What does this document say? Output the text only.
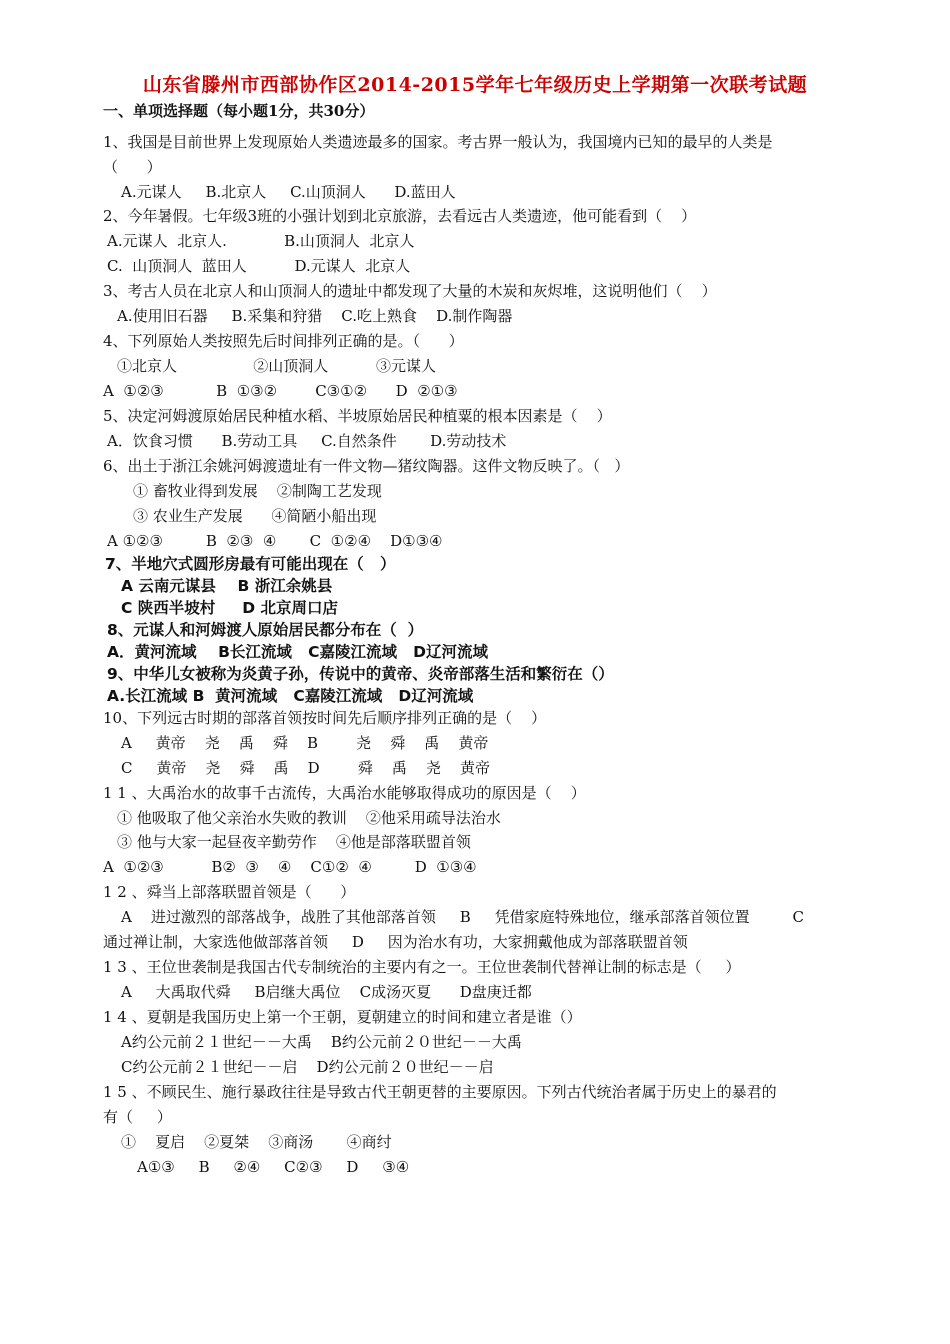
山东省滕州市西部协作区2014-2015学年七年级历史上学期第一次联考试题
一、单项选择题（每小题1分，共30分）
1、我国是目前世界上发现原始人类遗迹最多的国家。考古界一般认为，我国境内已知的最早的人类是
（      ）
A.元谋人     B.北京人     C.山顶洞人      D.蓝田人
2、今年暑假。七年级3班的小强计划到北京旅游，去看远古人类遗迹，他可能看到（    ）
A.元谋人  北京人.            B.山顶洞人  北京人
C.  山顶洞人  蓝田人          D.元谋人  北京人
3、考古人员在北京人和山顶洞人的遗址中都发现了大量的木炭和灰烬堆，这说明他们（    ）
A.使用旧石器     B.采集和狩猎    C.吃上熟食    D.制作陶器
4、下列原始人类按照先后时间排列正确的是。（      ）
①北京人                ②山顶洞人          ③元谋人
A  ①②③           B  ①③②        C③①②      D  ②①③
5、决定河姆渡原始居民种植水稻、半坡原始居民种植粟的根本因素是（    ）
A．饮食习惯      B.劳动工具     C.自然条件       D.劳动技术
6、出土于浙江余姚河姆渡遗址有一件文物—猪纹陶器。这件文物反映了。（   ）
① 畜牧业得到发展    ②制陶工艺发现
③ 农业生产发展      ④简陋小船出现
A ①②③         B  ②③  ④       C  ①②④    D①③④
7、半地穴式圆形房最有可能出现在（   ）
A 云南元谋县    B 浙江余姚县
C 陕西半坡村     D 北京周口店
8、元谋人和河姆渡人原始居民都分布在（  ）
A．黄河流域    B长江流域   C嘉陵江流域   D辽河流域
9、中华儿女被称为炎黄子孙，传说中的黄帝、炎帝部落生活和繁衍在（）
A.长江流域 B  黄河流域   C嘉陵江流域   D辽河流域
10、下列远古时期的部落首领按时间先后顺序排列正确的是（    ）
A     黄帝    尧    禹    舜    B        尧    舜    禹    黄帝
C     黄帝    尧    舜    禹    D        舜    禹    尧    黄帝
1 1 、大禹治水的故事千古流传，大禹治水能够取得成功的原因是（    ）
① 他吸取了他父亲治水失败的教训    ②他采用疏导法治水
③ 他与大家一起昼夜辛勤劳作    ④他是部落联盟首领
A  ①②③          B②  ③    ④    C①②  ④         D  ①③④
1 2 、舜当上部落联盟首领是（      ）
A    进过激烈的部落战争，战胜了其他部落首领     B     凭借家庭特殊地位，继承部落首领位置         C
通过禅让制，大家选他做部落首领     D     因为治水有功，大家拥戴他成为部落联盟首领
1 3 、王位世袭制是我国古代专制统治的主要内有之一。王位世袭制代替禅让制的标志是（     ）
A     大禹取代舜     B启继大禹位    C成汤灭夏      D盘庚迁都
1 4 、夏朝是我国历史上第一个王朝，夏朝建立的时间和建立者是谁（）
A约公元前２１世纪－－大禹    B约公元前２０世纪－－大禹
C约公元前２１世纪－－启    D约公元前２０世纪－－启
1 5 、不顾民生、施行暴政往往是导致古代王朝更替的主要原因。下列古代统治者属于历史上的暴君的
有（     ）
①    夏启    ②夏桀    ③商汤       ④商纣
A①③     B     ②④     C②③     D     ③④
